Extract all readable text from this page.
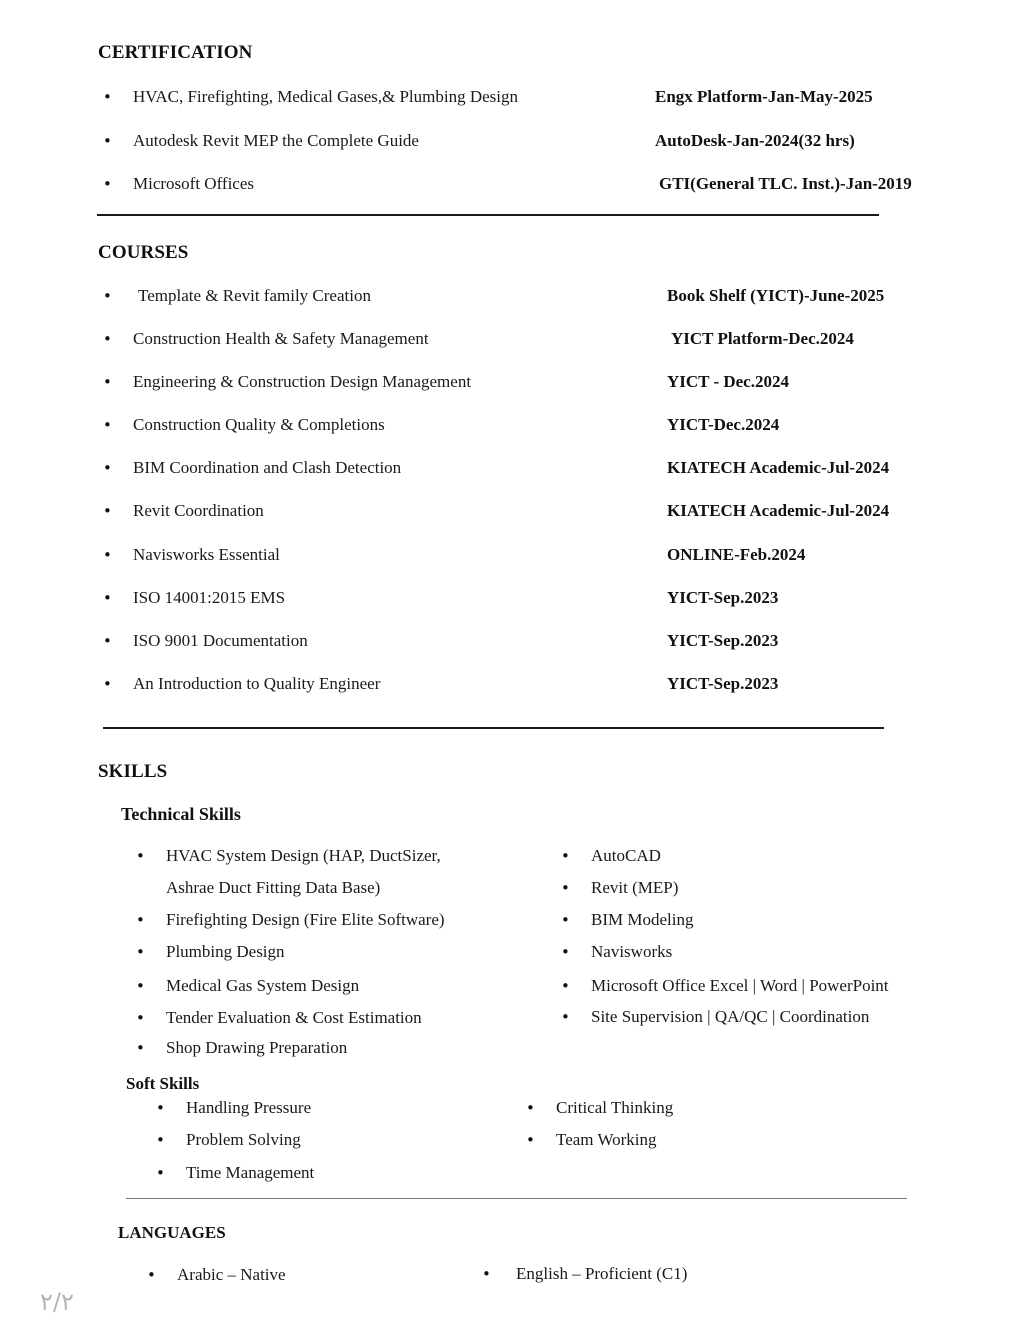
CERTIFICATION
• HVAC, Firefighting, Medical Gases,& Plumbing Design	Engx Platform-Jan-May-2025
• Autodesk Revit MEP the Complete Guide	AutoDesk-Jan-2024(32 hrs)
• Microsoft Offices	GTI(General TLC. Inst.)-Jan-2019
COURSES
• Template & Revit family Creation	Book Shelf (YICT)-June-2025
• Construction Health & Safety Management	YICT Platform-Dec.2024
• Engineering & Construction Design Management	YICT - Dec.2024
• Construction Quality & Completions	YICT-Dec.2024
• BIM Coordination and Clash Detection	KIATECH Academic-Jul-2024
• Revit Coordination	KIATECH Academic-Jul-2024
• Navisworks Essential	ONLINE-Feb.2024
• ISO 14001:2015 EMS	YICT-Sep.2023
• ISO 9001 Documentation	YICT-Sep.2023
• An Introduction to Quality Engineer	YICT-Sep.2023
SKILLS
Technical Skills
• HVAC System Design (HAP, DuctSizer,
Ashrae Duct Fitting Data Base)
• Firefighting Design (Fire Elite Software)
• Plumbing Design
• Medical Gas System Design
• Tender Evaluation & Cost Estimation
• Shop Drawing Preparation
• AutoCAD
• Revit (MEP)
• BIM Modeling
• Navisworks
• Microsoft Office Excel | Word | PowerPoint
• Site Supervision | QA/QC | Coordination
Soft Skills
• Handling Pressure
• Problem Solving
• Time Management
• Critical Thinking
• Team Working
LANGUAGES
• Arabic – Native	• English – Proficient (C1)
٢/٢
